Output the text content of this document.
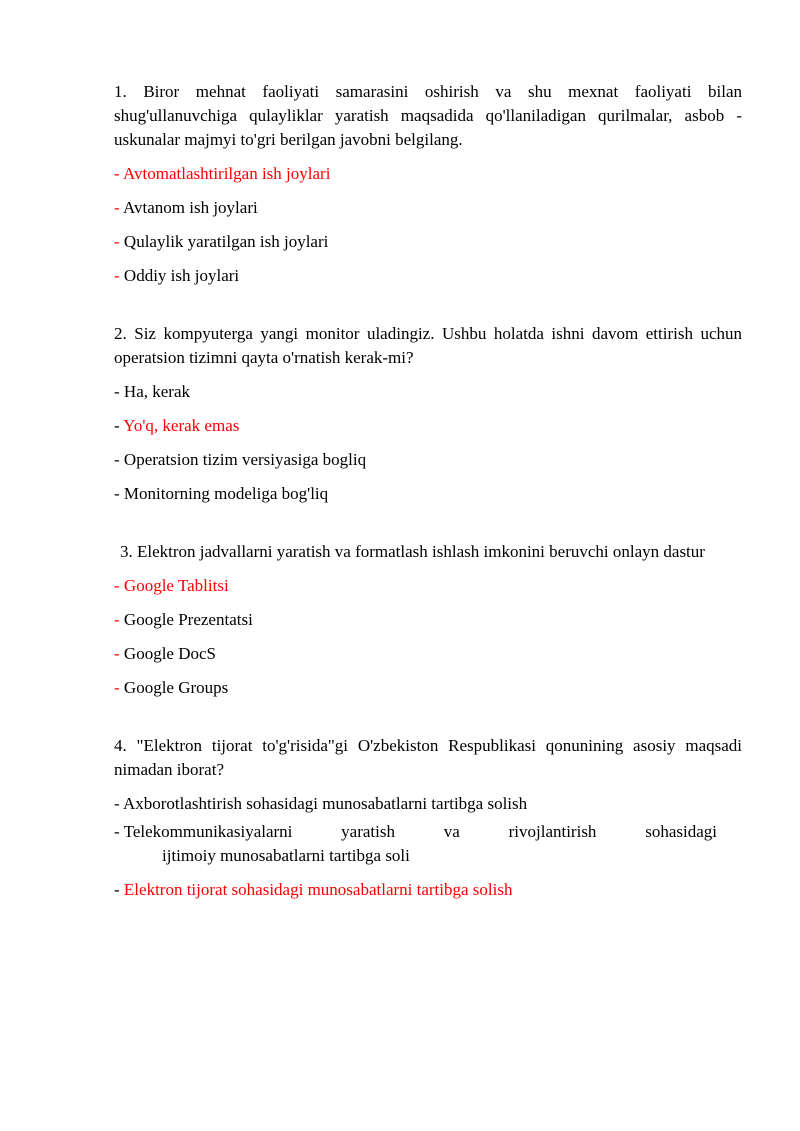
1. Biror mehnat faoliyati samarasini oshirish va shu mexnat faoliyati bilan shug'ullanuvchiga qulayliklar yaratish maqsadida qo'llaniladigan qurilmalar, asbob -uskunalar majmyi to'gri berilgan javobni belgilang.

- Avtomatlashtirilgan ish joylari
- Avtanom ish joylari
- Qulaylik yaratilgan ish joylari
- Oddiy ish joylari

2. Siz kompyuterga yangi monitor uladingiz. Ushbu holatda ishni davom ettirish uchun operatsion tizimni qayta o'rnatish kerak-mi?

- Ha, kerak
- Yo'q, kerak emas
- Operatsion tizim versiyasiga bogliq
- Monitorning modeliga bog'liq

3. Elektron jadvallarni yaratish va formatlash ishlash imkonini beruvchi onlayn dastur

- Google Tablitsi
- Google Prezentatsi
- Google DocS
- Google Groups

4. "Elektron tijorat to'g'risida"gi O'zbekiston Respublikasi qonunining asosiy maqsadi nimadan iborat?

- Axborotlashtirish sohasidagi munosabatlarni tartibga solish
- Telekommunikasiyalarni	yaratish	va	rivojlantirish	sohasidagi
ijtimoiy munosabatlarni tartibga soli
- Elektron tijorat sohasidagi munosabatlarni tartibga solish
